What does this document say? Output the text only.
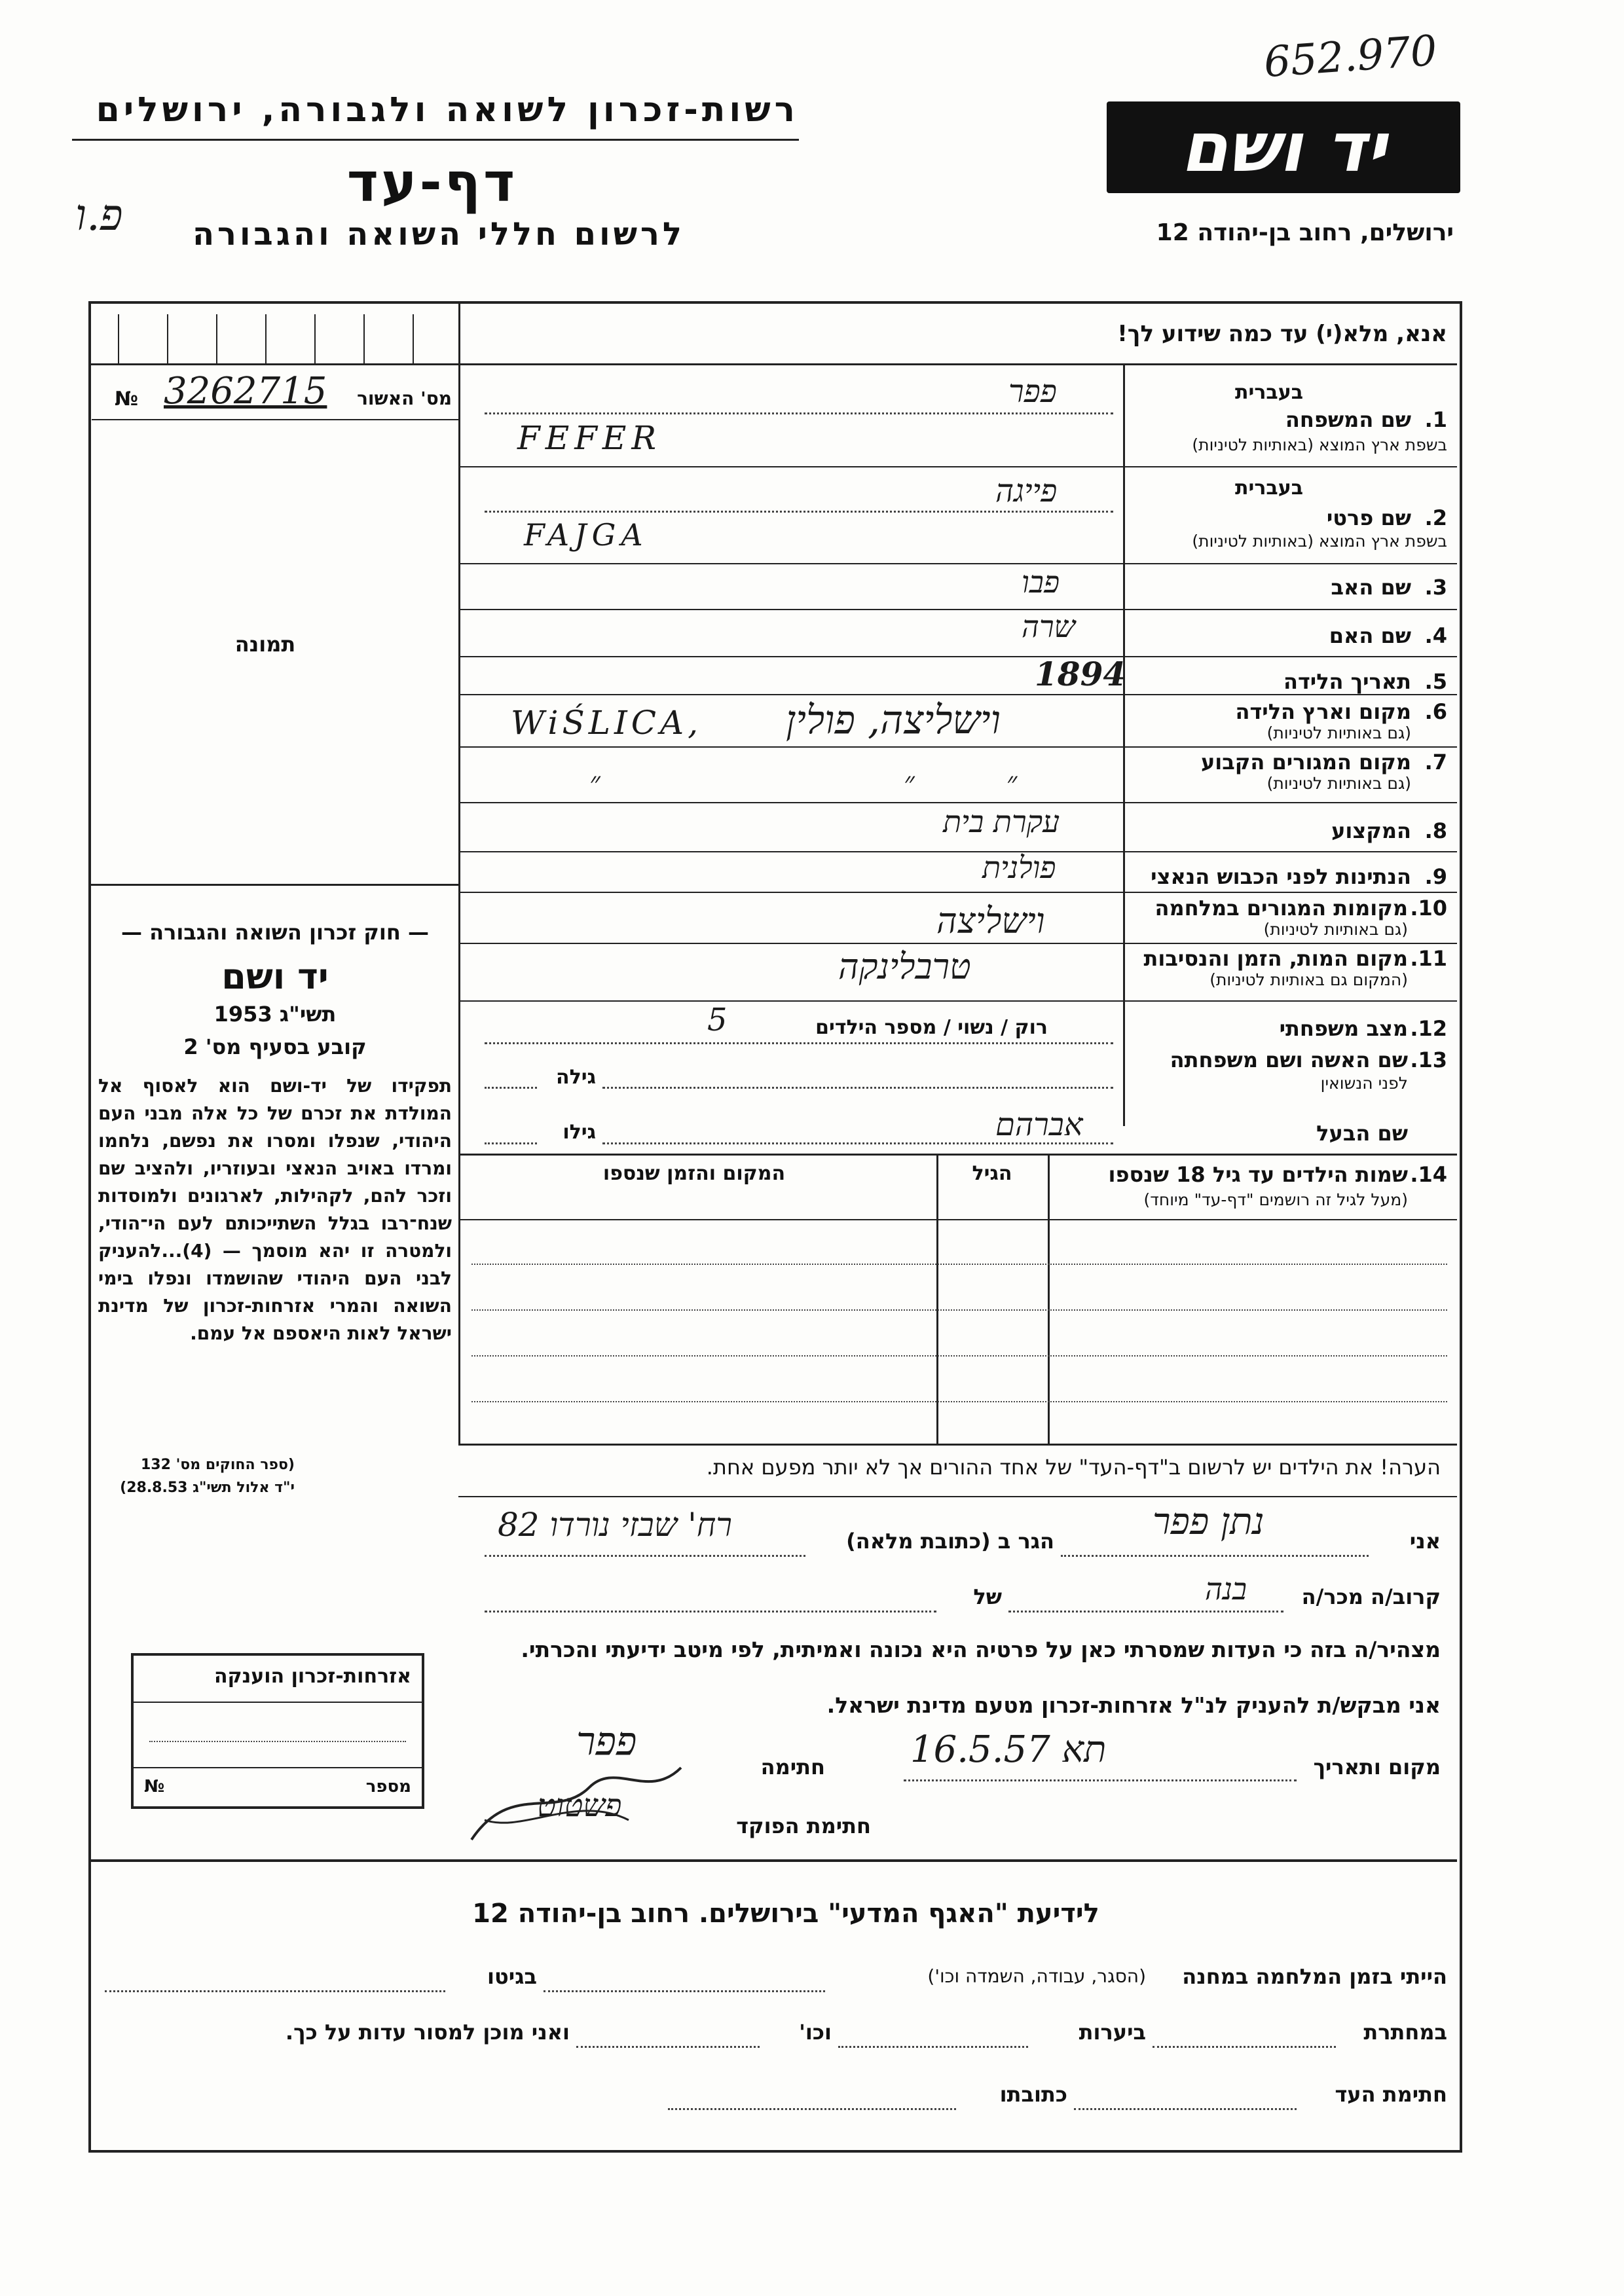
652.970
רשות-זכרון לשואה ולגבורה, ירושלים
דף-עד
לרשום חללי השואה והגבורה
פ.ו
יד ושם
ירושלים, רחוב בן-יהודה 12
№ 3262715 מס' האשור
תמונה
— חוק זכרון השואה והגבורה —
יד ושם
תשי"ג 1953
קובע בסעיף מס' 2
תפקידו של יד-ושם הוא לאסוף אל המולדת את זכרם של כל אלה מבני העם היהודי, שנפלו ומסרו את נפשם, נלחמו ומרדו באויב הנאצי ובעוזריו, ולהציב שם וזכר להם, לקהילות, לארגונים ולמוסדות שנח־רבו בגלל השתייכותם לעם הי־הודי, ולמטרה זו יהא מוסמך — (4)...להעניק לבני העם היהודי שהושמדו ונפלו בימי השואה והמרי אזרחות-זכרון של מדינת ישראל לאות היאספם אל עמם.
(ספר החוקים מס' 132
י"ד אלול תשי"ג 28.8.53)
אזרחות-זכרון הוענקה
מספר
№
אנא, מלא(י) עד כמה שידוע לך!
1.
בעברית
שם המשפחה
בשפת ארץ המוצא (באותיות לטיניות)
פפר
FEFER
2.
בעברית
שם פרטי
בשפת ארץ המוצא (באותיות לטיניות)
פייגה
FAJGA
3.
שם האב
פבו
4.
שם האם
שרה
5.
תאריך הלידה
1894
6.
מקום וארץ הלידה
(גם באותיות לטיניות)
WiŚLICA, וישליצה, פולין
7.
מקום המגורים הקבוע
(גם באותיות לטיניות)
״	״          ״
8.
המקצוע
עקרת בית
9.
הנתינות לפני הכבוש הנאצי
פולנית
10.
מקומות המגורים במלחמה
(גם באותיות לטיניות)
וישליצה
11.
מקום המות, הזמן והנסיבות
(המקום גם באותיות לטיניות)
טרבלינקה
12.
מצב משפחתי
רוק / נשוי / מספר הילדים
5
13.
שם האשה ושם משפחתה
לפני הנשואין
גילה
שם הבעל
אברהם
גילו
14.
שמות הילדים עד גיל 18 שנספו
(מעל לגיל זה רושמים "דף-עד" מיוחד)
הגיל
המקום והזמן שנספו
הערה! את הילדים יש לרשום ב"דף-העד" של אחד ההורים אך לא יותר מפעם אחת.
אני
נתן פפר
הגר ב (כתובת מלאה)
רח' שבזי נורדו 82
קרוב/ה מכר/ה
בנה
של
מצהיר/ה בזה כי העדות שמסרתי כאן על פרטיה היא נכונה ואמיתית, לפי מיטב ידיעתי והכרתי.
אני מבקש/ת להעניק לנ"ל אזרחות-זכרון מטעם מדינת ישראל.
מקום ותאריך
תא 16.5.57
חתימה
פפר
חתימת הפוקד
פשטוט
לידיעת "האגף המדעי" בירושלים. רחוב בן-יהודה 12
הייתי בזמן המלחמה במחנה
(הסגר, עבודה, השמדה וכו')
בגיטו
במחתרת
ביערות
וכו'
ואני מוכן למסור עדות על כך.
חתימת העד
כתובתו
